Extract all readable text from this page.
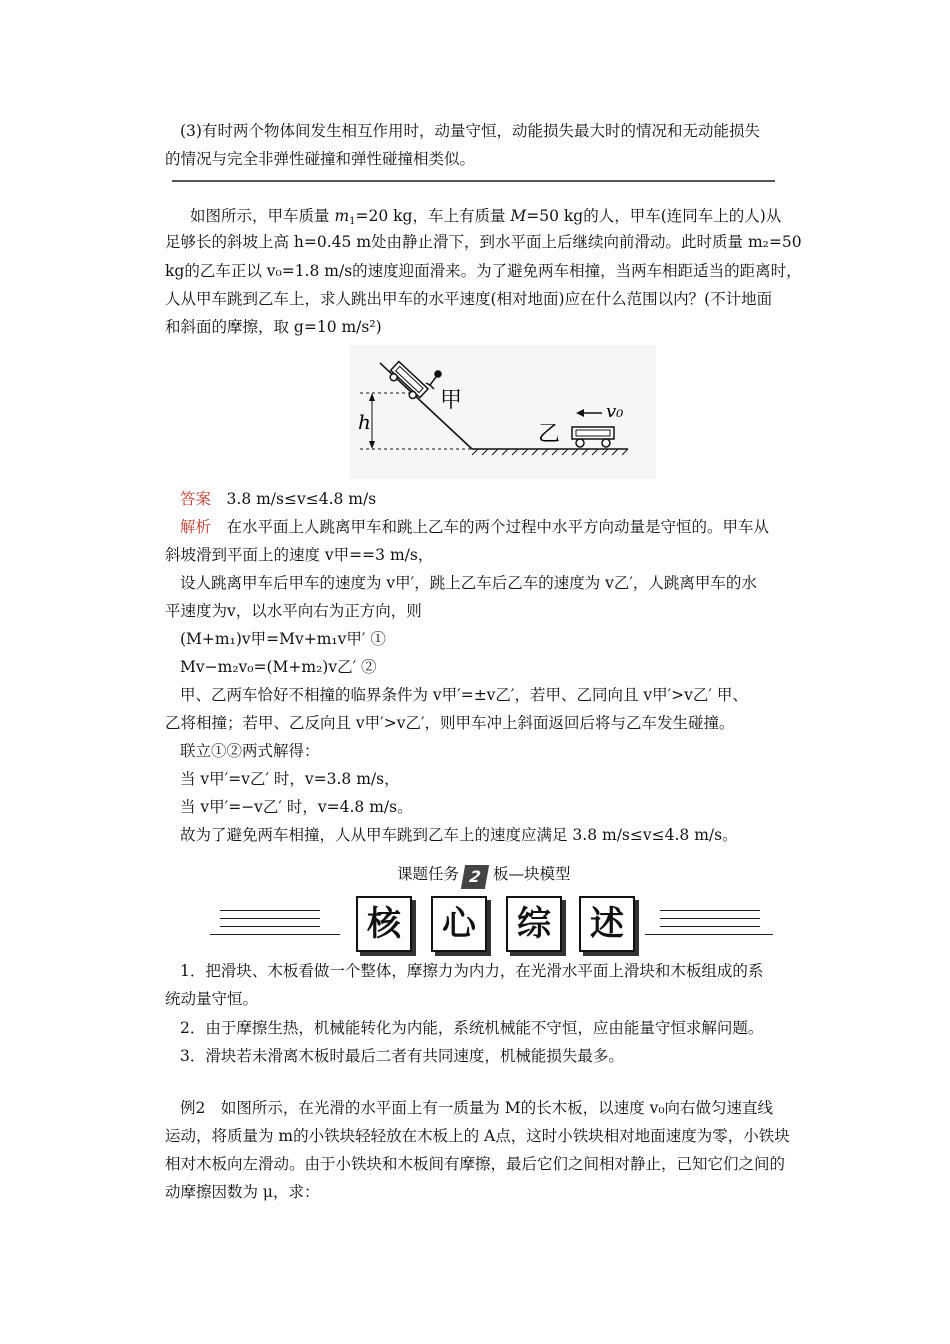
(3)有时两个物体间发生相互作用时，动量守恒，动能损失最大时的情况和无动能损失
的情况与完全非弹性碰撞和弹性碰撞相类似。
如图所示，甲车质量 $m_1=20$ kg，车上有质量 M=50 kg的人，甲车(连同车上的人)从
足够长的斜坡上高 h=0.45 m处由静止滑下，到水平面上后继续向前滑动。此时质量 m₂=50
kg的乙车正以 v₀=1.8 m/s的速度迎面滑来。为了避免两车相撞，当两车相距适当的距离时，
人从甲车跳到乙车上，求人跳出甲车的水平速度(相对地面)应在什么范围以内？(不计地面
和斜面的摩擦，取 g=10 m/s²)
h
甲
乙
v₀
答案　 3.8 m/s≤v≤4.8 m/s
解析　 在水平面上人跳离甲车和跳上乙车的两个过程中水平方向动量是守恒的。甲车从
斜坡滑到平面上的速度 v甲==3 m/s，
设人跳离甲车后甲车的速度为 v甲′，跳上乙车后乙车的速度为 v乙′，人跳离甲车的水
平速度为v，以水平向右为正方向，则
(M+m₁)v甲=Mv+m₁v甲′ ①
Mv−m₂v₀=(M+m₂)v乙′ ②
甲、乙两车恰好不相撞的临界条件为 v甲′=±v乙′，若甲、乙同向且 v甲′>v乙′ 甲、
乙将相撞；若甲、乙反向且 v甲′>v乙′，则甲车冲上斜面返回后将与乙车发生碰撞。
联立①②两式解得：
当 v甲′=v乙′ 时，v=3.8 m/s，
当 v甲′=−v乙′ 时，v=4.8 m/s。
故为了避免两车相撞，人从甲车跳到乙车上的速度应满足 3.8 m/s≤v≤4.8 m/s。
课题任务 2 板—块模型
核	心	综	述
1．把滑块、木板看做一个整体，摩擦力为内力，在光滑水平面上滑块和木板组成的系
统动量守恒。
2．由于摩擦生热，机械能转化为内能，系统机械能不守恒，应由能量守恒求解问题。
3．滑块若未滑离木板时最后二者有共同速度，机械能损失最多。
例2　如图所示，在光滑的水平面上有一质量为 M的长木板，以速度 v₀向右做匀速直线
运动，将质量为 m的小铁块轻轻放在木板上的 A点，这时小铁块相对地面速度为零，小铁块
相对木板向左滑动。由于小铁块和木板间有摩擦，最后它们之间相对静止，已知它们之间的
动摩擦因数为 μ，求：
